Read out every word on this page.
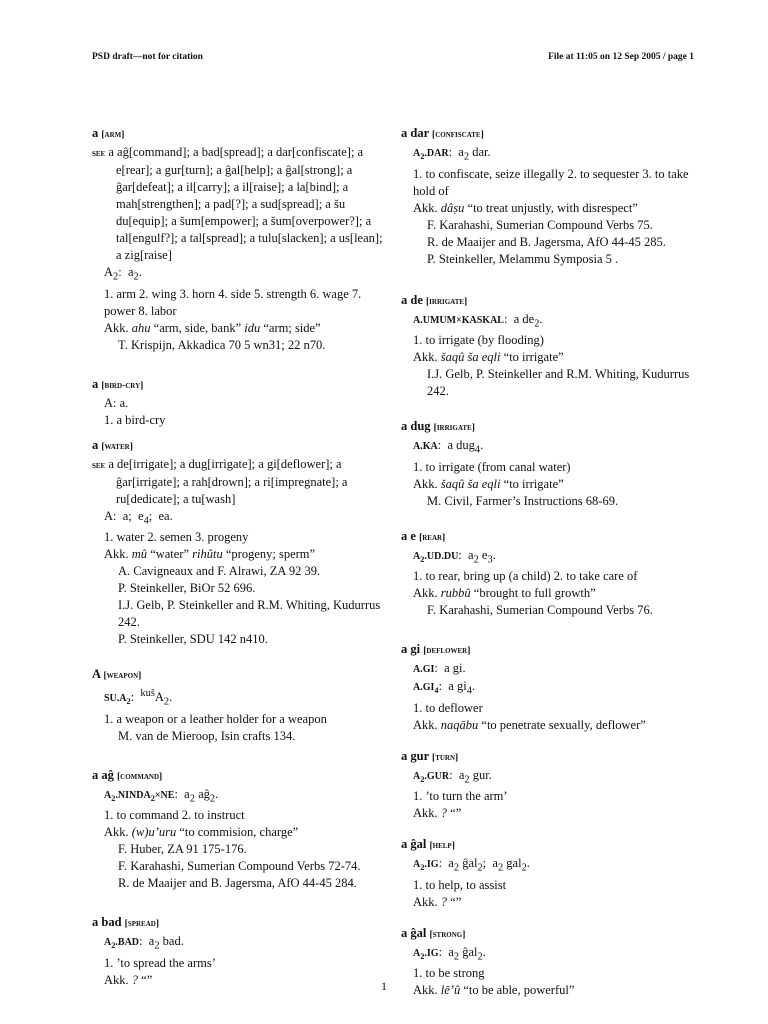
PSD draft—not for citation	File at 11:05 on 12 Sep 2005 / page 1
a [arm]
see a aĝ[command]; a bad[spread]; a dar[confiscate]; a e[rear]; a gur[turn]; a ĝal[help]; a ĝal[strong]; a ĝar[defeat]; a il[carry]; a il[raise]; a la[bind]; a mah[strengthen]; a pad[?]; a sud[spread]; a šu du[equip]; a šum[empower]; a šum[overpower?]; a tal[engulf?]; a tal[spread]; a tulu[slacken]; a us[lean]; a zig[raise]
$A_2$:  $a_2$.
1. arm 2. wing 3. horn 4. side 5. strength 6. wage 7. power 8. labor
Akk. ahu “arm, side, bank” idu “arm; side”
T. Krispijn, Akkadica 70 5 wn31; 22 n70.
a [bird-cry]
A: a.
1. a bird-cry
a [water]
see a de[irrigate]; a dug[irrigate]; a gi[deflower]; a ĝar[irrigate]; a rah[drown]; a ri[impregnate]; a ru[dedicate]; a tu[wash]
A:  a;  $e_4$;  ea.
1. water 2. semen 3. progeny
Akk. mû “water” rihûtu “progeny; sperm”
A. Cavigneaux and F. Alrawi, ZA 92 39.
P. Steinkeller, BiOr 52 696.
I.J. Gelb, P. Steinkeller and R.M. Whiting, Kudurrus 242.
P. Steinkeller, SDU 142 n410.
A [weapon]
$SU.A_2$:  $^{kuš}A_2$.
1. a weapon or a leather holder for a weapon
M. van de Mieroop, Isin crafts 134.
a aĝ [command]
$A_2.NINDA_2\times NE$:  $a_2$ $aĝ_2$.
1. to command 2. to instruct
Akk. (w)u’uru “to commision, charge”
F. Huber, ZA 91 175-176.
F. Karahashi, Sumerian Compound Verbs 72-74.
R. de Maaijer and B. Jagersma, AfO 44-45 284.
a bad [spread]
$A_2.BAD$:  $a_2$ bad.
1. ’to spread the arms’
Akk. ? “”
a dar [confiscate]
$A_2.DAR$:  $a_2$ dar.
1. to confiscate, seize illegally 2. to sequester 3. to take hold of
Akk. dâṣu “to treat unjustly, with disrespect”
F. Karahashi, Sumerian Compound Verbs 75.
R. de Maaijer and B. Jagersma, AfO 44-45 285.
P. Steinkeller, Melammu Symposia 5 .
a de [irrigate]
A.UMUM×KASKAL:  a $de_2$.
1. to irrigate (by flooding)
Akk. šaqû ša eqli “to irrigate”
I.J. Gelb, P. Steinkeller and R.M. Whiting, Kudurrus 242.
a dug [irrigate]
A.KA:  a dug$_4$.
1. to irrigate (from canal water)
Akk. šaqû ša eqli “to irrigate”
M. Civil, Farmer’s Instructions 68-69.
a e [rear]
$A_2.UD.DU$:  $a_2$ $e_3$.
1. to rear, bring up (a child) 2. to take care of
Akk. rubbû “brought to full growth”
F. Karahashi, Sumerian Compound Verbs 76.
a gi [deflower]
A.GI:  a gi.
$A.GI_4$:  a $gi_4$.
1. to deflower
Akk. naqābu “to penetrate sexually, deflower”
a gur [turn]
$A_2.GUR$:  $a_2$ gur.
1. ’to turn the arm’
Akk. ? “”
a ĝal [help]
$A_2.IG$:  $a_2$ ĝal$_2$;  $a_2$ gal$_2$.
1. to help, to assist
Akk. ? “”
a ĝal [strong]
$A_2.IG$:  $a_2$ ĝal$_2$.
1. to be strong
Akk. lē’û “to be able, powerful”
1
